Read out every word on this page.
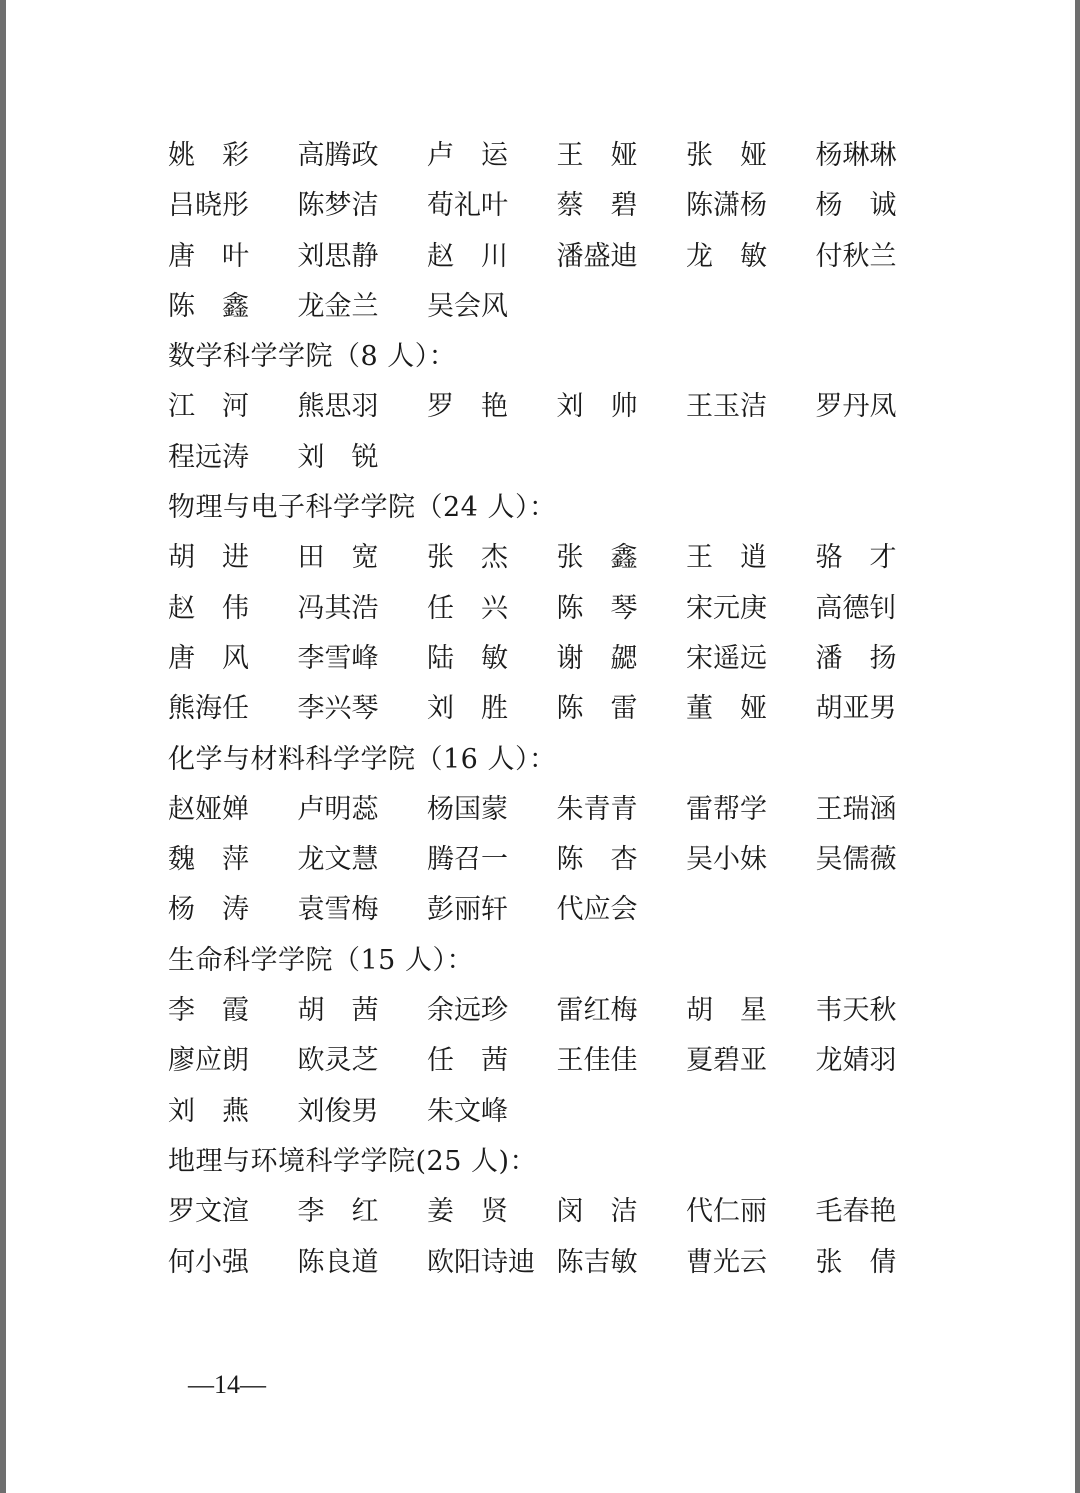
姚　彩	高腾政	卢　运	王　娅	张　娅	杨琳琳
吕晓彤	陈梦洁	荀礼叶	蔡　碧	陈潇杨	杨　诚
唐　叶	刘思静	赵　川	潘盛迪	龙　敏	付秋兰
陈　鑫	龙金兰	吴会风
数学科学学院（8 人）：
江　河	熊思羽	罗　艳	刘　帅	王玉洁	罗丹凤
程远涛	刘　锐
物理与电子科学学院（24 人）：
胡　进	田　宽	张　杰	张　鑫	王　逍	骆　才
赵　伟	冯其浩	任　兴	陈　琴	宋元庚	高德钊
唐　风	李雪峰	陆　敏	谢　勰	宋遥远	潘　扬
熊海任	李兴琴	刘　胜	陈　雷	董　娅	胡亚男
化学与材料科学学院（16 人）：
赵娅婵	卢明蕊	杨国蒙	朱青青	雷帮学	王瑞涵
魏　萍	龙文慧	腾召一	陈　杏	吴小妹	吴儒薇
杨　涛	袁雪梅	彭丽轩	代应会
生命科学学院（15 人）：
李　霞	胡　茜	余远珍	雷红梅	胡　星	韦天秋
廖应朗	欧灵芝	任　茜	王佳佳	夏碧亚	龙婧羽
刘　燕	刘俊男	朱文峰
地理与环境科学学院(25 人)：
罗文渲	李　红	姜　贤	闵　洁	代仁丽	毛春艳
何小强	陈良道	欧阳诗迪 陈吉敏	曹光云	张　倩
—14—
